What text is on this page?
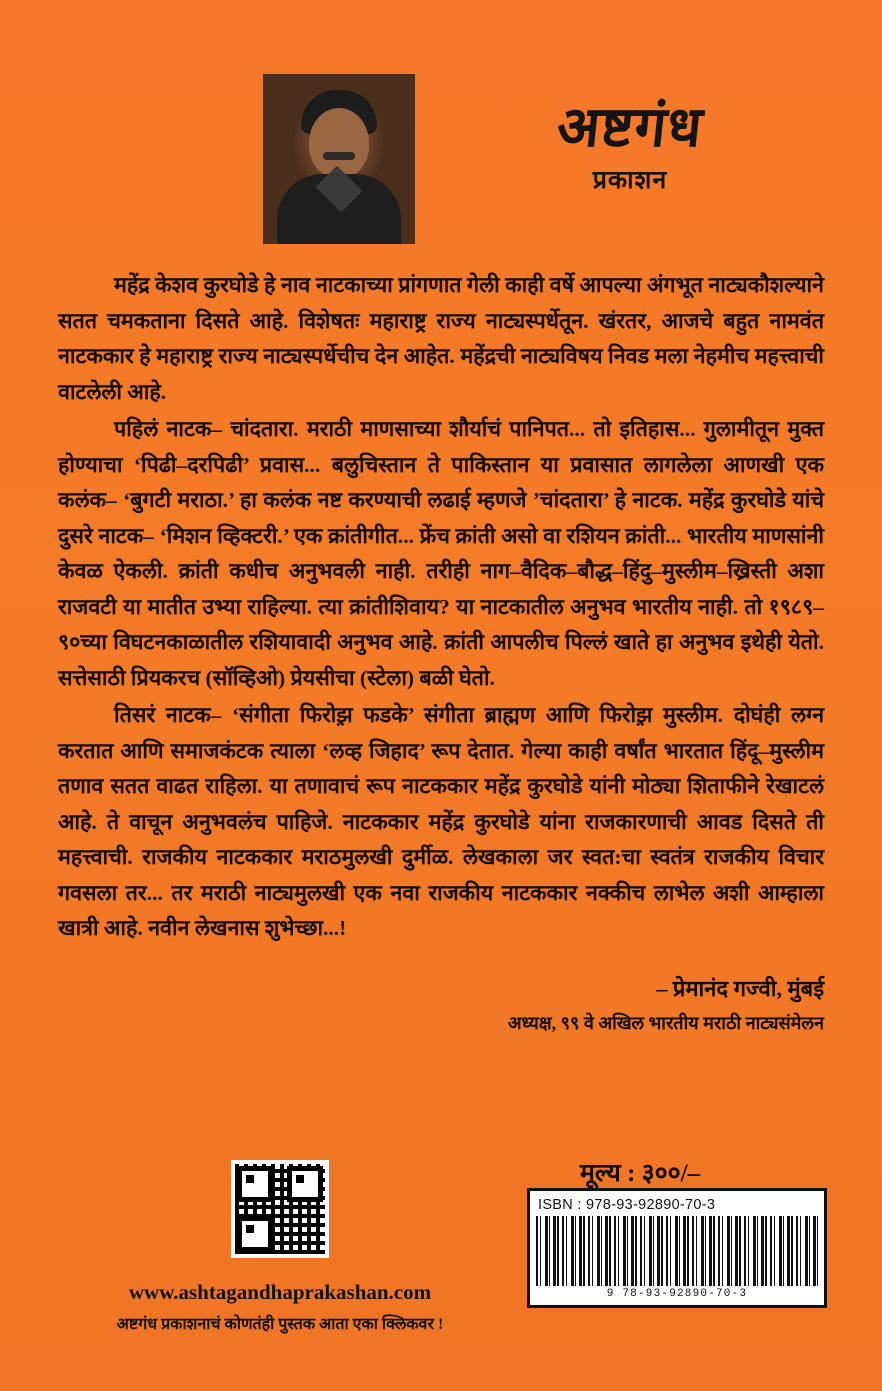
अष्टगंध
प्रकाशन

महेंद्र केशव कुरघोडे हे नाव नाटकाच्या प्रांगणात गेली काही वर्षे आपल्या अंगभूत नाट्यकौशल्याने सतत चमकताना दिसते आहे. विशेषतः महाराष्ट्र राज्य नाट्यस्पर्धेतून. खंरतर, आजचे बहुत नामवंत नाटककार हे महाराष्ट्र राज्य नाट्यस्पर्धेचीच देन आहेत. महेंद्रची नाट्यविषय निवड मला नेहमीच महत्त्वाची वाटलेली आहे.

पहिलं नाटक– चांदतारा. मराठी माणसाच्या शौर्याचं पानिपत... तो इतिहास... गुलामीतून मुक्त होण्याचा ‘पिढी–दरपिढी’ प्रवास... बलुचिस्तान ते पाकिस्तान या प्रवासात लागलेला आणखी एक कलंक– ‘बुगटी मराठा.’ हा कलंक नष्ट करण्याची लढाई म्हणजे ’चांदतारा’ हे नाटक. महेंद्र कुरघोडे यांचे दुसरे नाटक– ‘मिशन व्हिक्टरी.’ एक क्रांतीगीत... फ्रेंच क्रांती असो वा रशियन क्रांती... भारतीय माणसांनी केवळ ऐकली. क्रांती कधीच अनुभवली नाही. तरीही नाग–वैदिक–बौद्ध–हिंदु–मुस्लीम–ख्रिस्ती अशा राजवटी या मातीत उभ्या राहिल्या. त्या क्रांतीशिवाय? या नाटकातील अनुभव भारतीय नाही. तो १९८९–९०च्या विघटनकाळातील रशियावादी अनुभव आहे. क्रांती आपलीच पिल्लं खाते हा अनुभव इथेही येतो. सत्तेसाठी प्रियकरच (सॉव्हिओ) प्रेयसीचा (स्टेला) बळी घेतो.

तिसरं नाटक– ‘संगीता फिरोझ़ फडके’ संगीता ब्राह्मण आणि फिरोझ़ मुस्लीम. दोघंही लग्न करतात आणि समाजकंटक त्याला ‘लव्ह जिहाद’ रूप देतात. गेल्या काही वर्षांत भारतात हिंदू–मुस्लीम तणाव सतत वाढत राहिला. या तणावाचं रूप नाटककार महेंद्र कुरघोडे यांनी मोठ्या शिताफीने रेखाटलं आहे. ते वाचून अनुभवलंच पाहिजे. नाटककार महेंद्र कुरघोडे यांना राजकारणाची आवड दिसते ती महत्त्वाची. राजकीय नाटककार मराठमुलखी दुर्मीळ. लेखकाला जर स्वत:चा स्वतंत्र राजकीय विचार गवसला तर... तर मराठी नाट्यमुलखी एक नवा राजकीय नाटककार नक्कीच लाभेल अशी आम्हाला खात्री आहे. नवीन लेखनास शुभेच्छा...!

– प्रेमानंद गज्वी, मुंबई
अध्यक्ष, ९९ वे अखिल भारतीय मराठी नाट्यसंमेलन
मूल्य : ३००/–
ISBN : 978-93-92890-70-3
9 78-93-92890-70-3
www.ashtagandhaprakashan.com
अष्टगंध प्रकाशनाचं कोणतंही पुस्तक आता एका क्लिकवर !
